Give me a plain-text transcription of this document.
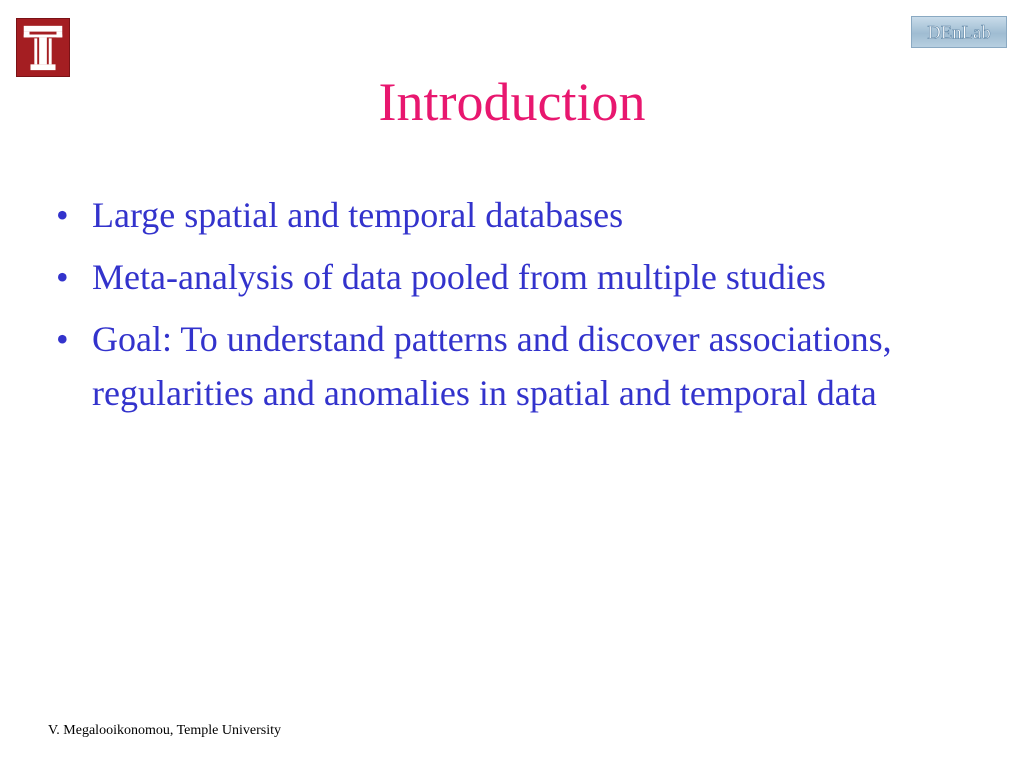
DEnLab
Introduction
• Large spatial and temporal databases
• Meta-analysis of data pooled from multiple studies
• Goal: To understand patterns and discover associations, regularities and anomalies in spatial and temporal data
V. Megalooikonomou, Temple University
